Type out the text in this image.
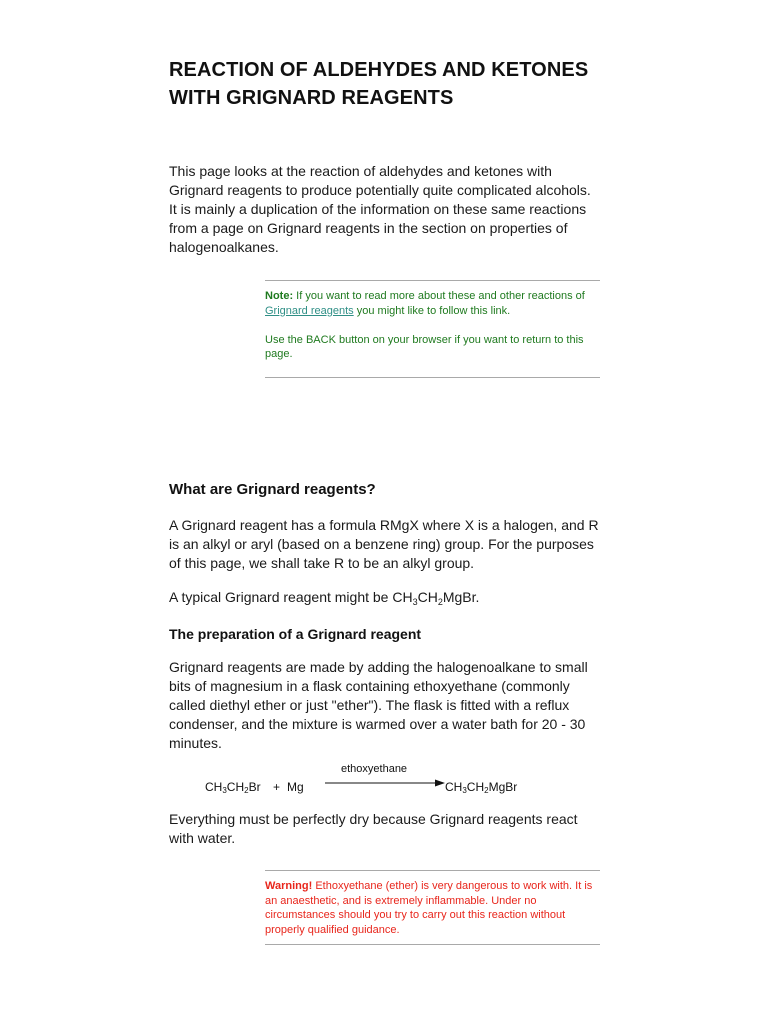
REACTION OF ALDEHYDES AND KETONES WITH GRIGNARD REAGENTS

This page looks at the reaction of aldehydes and ketones with Grignard reagents to produce potentially quite complicated alcohols. It is mainly a duplication of the information on these same reactions from a page on Grignard reagents in the section on properties of halogenoalkanes.

Note: If you want to read more about these and other reactions of Grignard reagents you might like to follow this link.

Use the BACK button on your browser if you want to return to this page.

What are Grignard reagents?

A Grignard reagent has a formula RMgX where X is a halogen, and R is an alkyl or aryl (based on a benzene ring) group. For the purposes of this page, we shall take R to be an alkyl group.

A typical Grignard reagent might be $CH_3CH_2MgBr$.

The preparation of a Grignard reagent

Grignard reagents are made by adding the halogenoalkane to small bits of magnesium in a flask containing ethoxyethane (commonly called diethyl ether or just "ether"). The flask is fitted with a reflux condenser, and the mixture is warmed over a water bath for 20 - 30 minutes.

$CH_3CH_2Br + Mg$
ethoxyethane
$CH_3CH_2MgBr$

Everything must be perfectly dry because Grignard reagents react with water.

Warning! Ethoxyethane (ether) is very dangerous to work with. It is an anaesthetic, and is extremely inflammable. Under no circumstances should you try to carry out this reaction without properly qualified guidance.
